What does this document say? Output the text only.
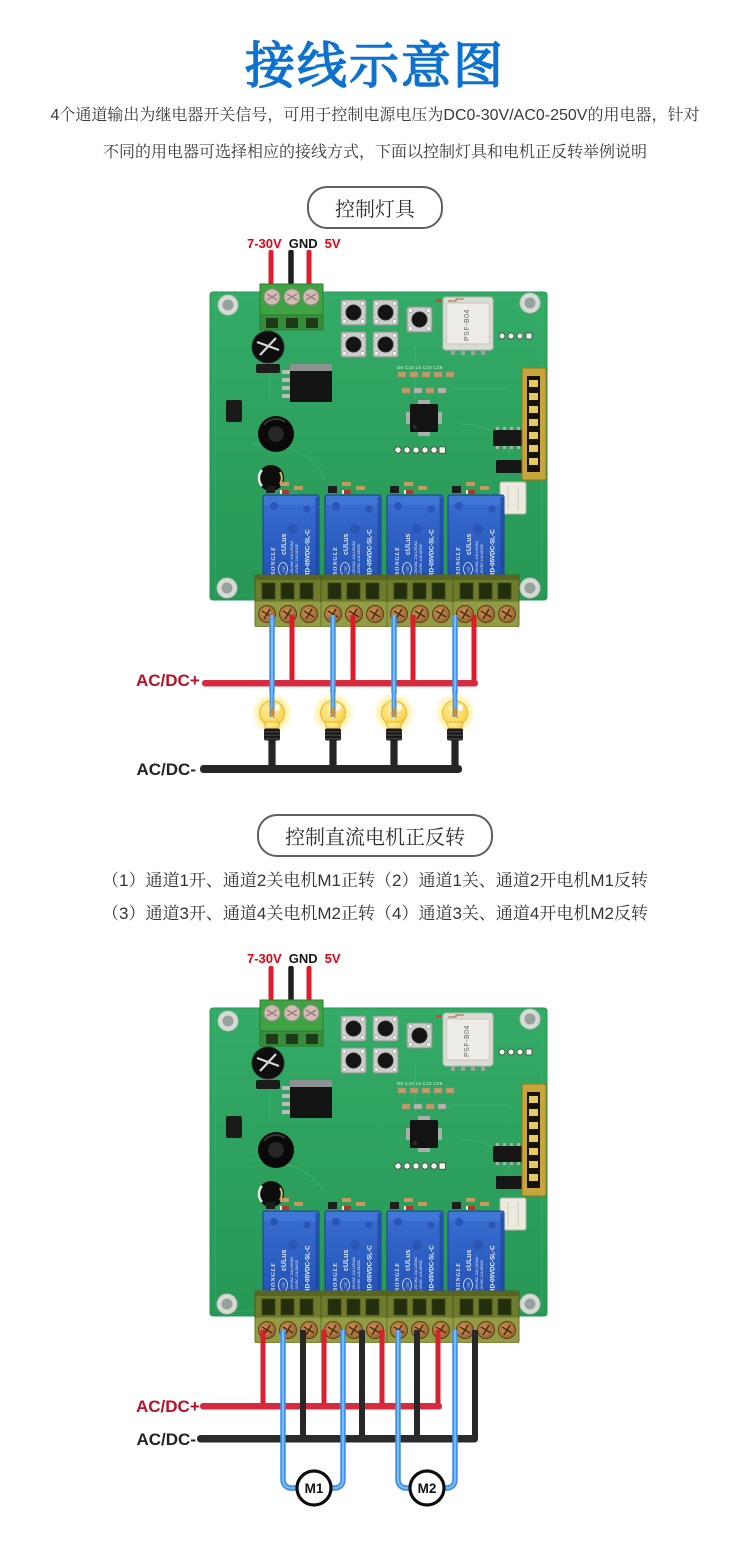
接线示意图
4个通道输出为继电器开关信号，可用于控制电源电压为DC0-30V/AC0-250V的用电器，针对
不同的用电器可选择相应的接线方式，下面以控制灯具和电机正反转举例说明
控制灯具
7-30V GND 5V
AC/DC+
AC/DC-
控制直流电机正反转
（1）通道1开、通道2关电机M1正转（2）通道1关、通道2开电机M1反转
（3）通道3开、通道4关电机M2正转（4）通道3关、通道4开电机M2反转
7-30V GND 5V
M1	M2
AC/DC+
AC/DC-
